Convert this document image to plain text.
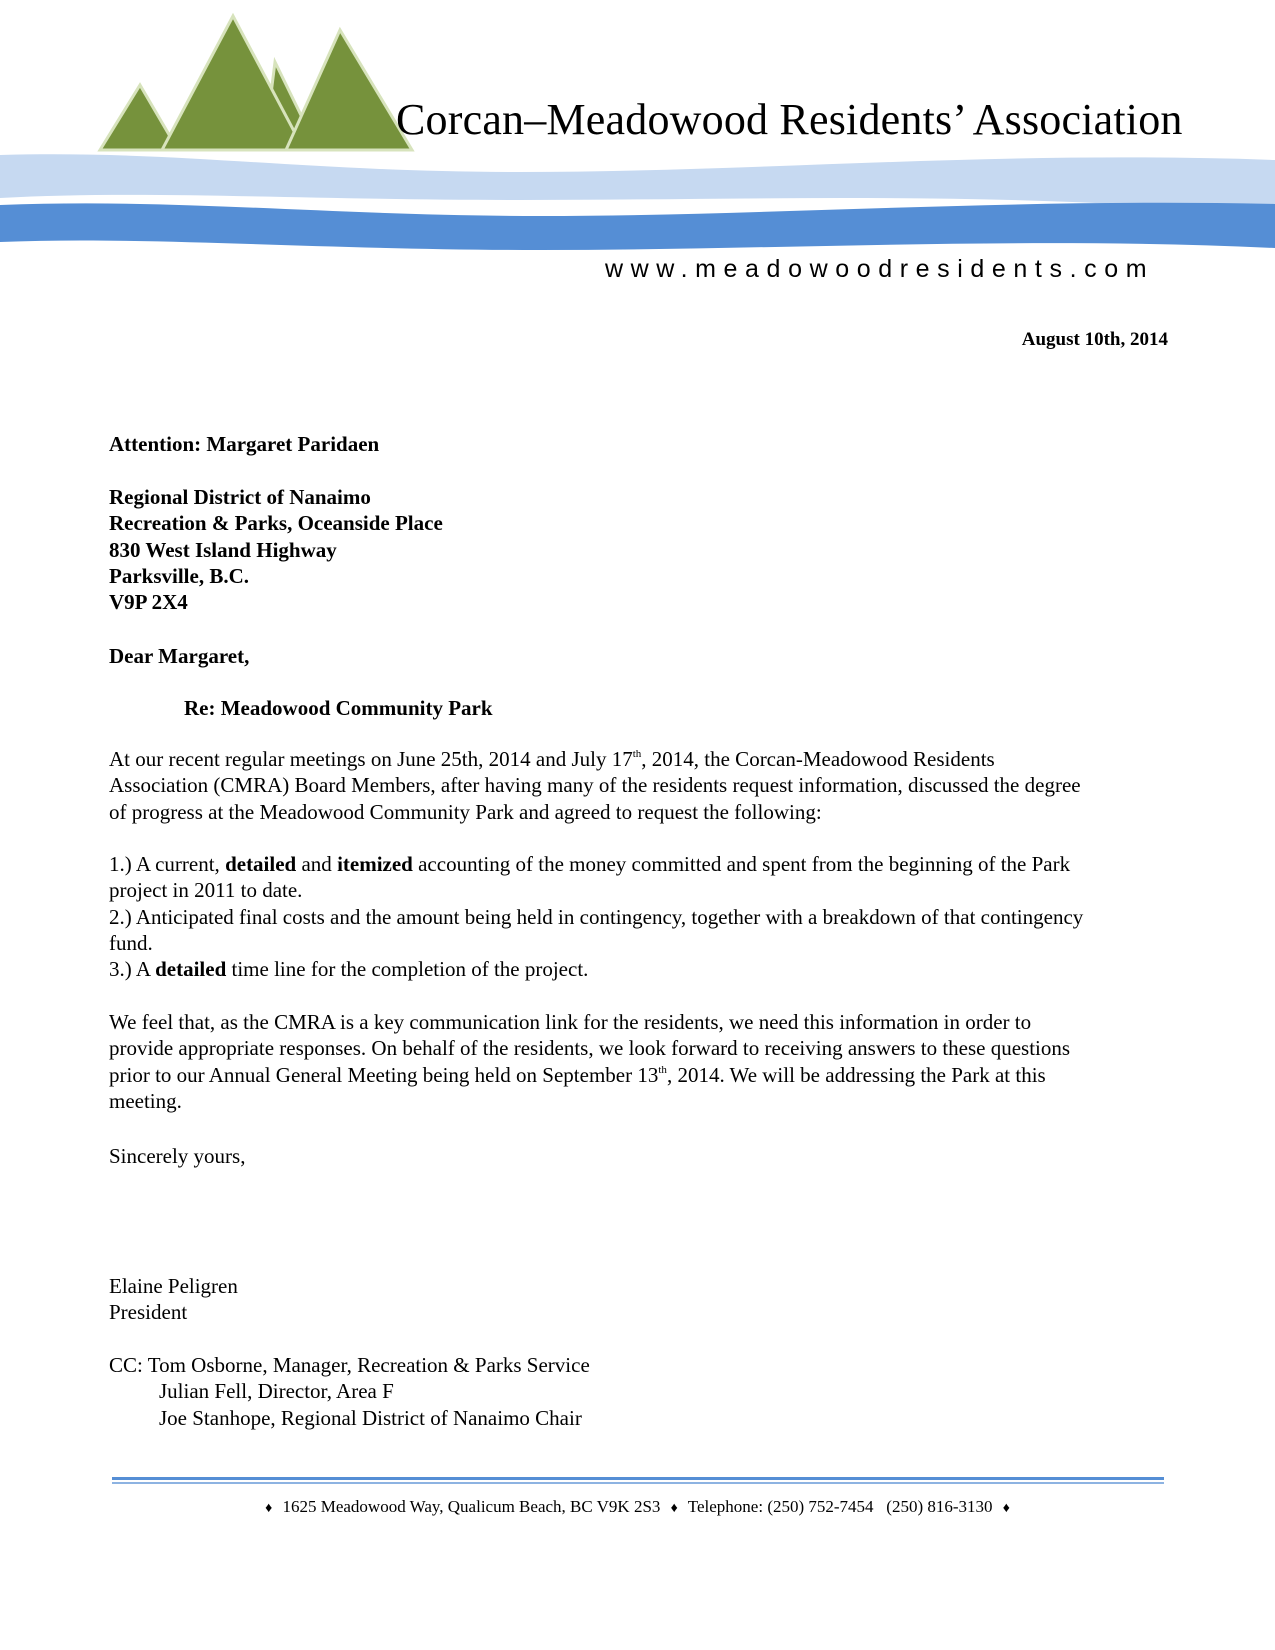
Corcan–Meadowood Residents’ Association
www.meadowoodresidents.com
August 10th, 2014
Attention: Margaret Paridaen
Regional District of Nanaimo
Recreation & Parks, Oceanside Place
830 West Island Highway
Parksville, B.C.
V9P 2X4
Dear Margaret,
Re: Meadowood Community Park
At our recent regular meetings on June 25th, 2014 and July 17th, 2014, the Corcan-Meadowood Residents
Association (CMRA) Board Members, after having many of the residents request information, discussed the degree
of progress at the Meadowood Community Park and agreed to request the following:
1.) A current, detailed and itemized accounting of the money committed and spent from the beginning of the Park
project in 2011 to date.
2.) Anticipated final costs and the amount being held in contingency, together with a breakdown of that contingency
fund.
3.) A detailed time line for the completion of the project.
We feel that, as the CMRA is a key communication link for the residents, we need this information in order to
provide appropriate responses. On behalf of the residents, we look forward to receiving answers to these questions
prior to our Annual General Meeting being held on September 13th, 2014. We will be addressing the Park at this
meeting.
Sincerely yours,
Elaine Peligren
President
CC: Tom Osborne, Manager, Recreation & Parks Service
Julian Fell, Director, Area F
Joe Stanhope, Regional District of Nanaimo Chair
♦ 1625 Meadowood Way, Qualicum Beach, BC V9K 2S3 ♦ Telephone: (250) 752-7454 (250) 816-3130 ♦
